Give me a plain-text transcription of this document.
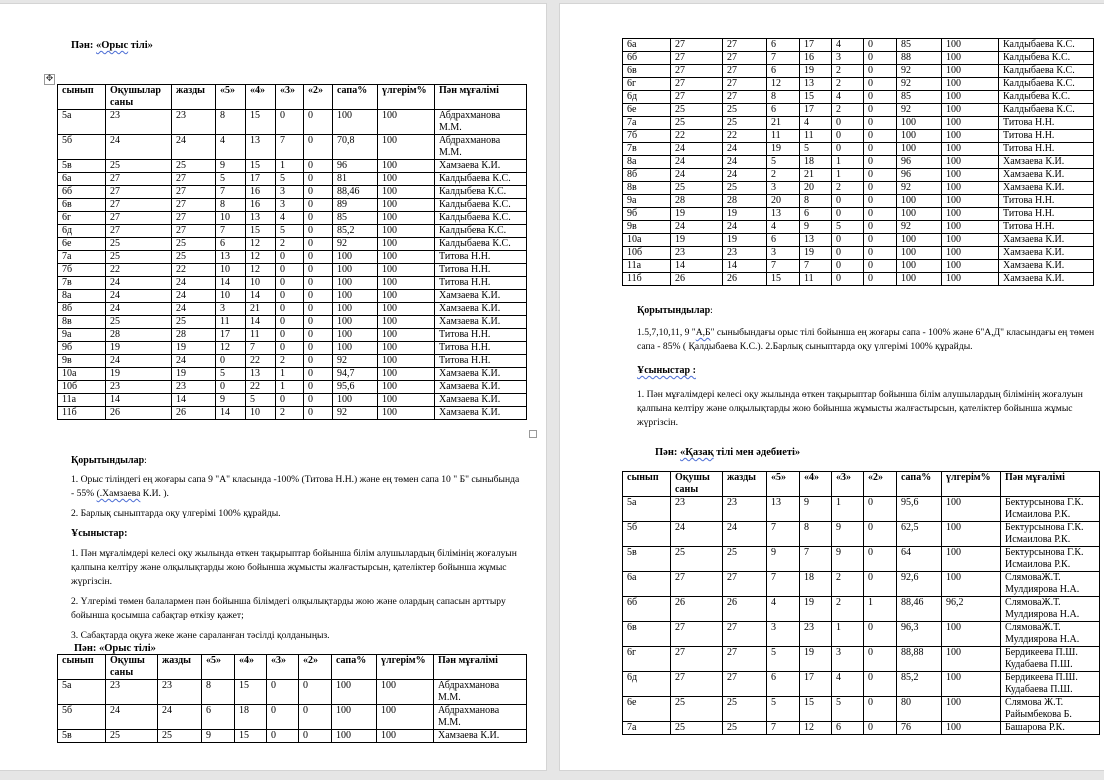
Пән: «Орыс тілі»
✥
сынып	Оқушылар саны	жазды	«5»	«4»	«3»	«2»	сапа%	үлгерім%	Пән мұғалімі
5а	23	23	8	15	0	0	100	100	Абдрахманова М.М.
5б	24	24	4	13	7	0	70,8	100	Абдрахманова М.М.
5в	25	25	9	15	1	0	96	100	Хамзаева К.И.
6а	27	27	5	17	5	0	81	100	Калдыбаева К.С.
6б	27	27	7	16	3	0	88,46	100	Калдыбева К.С.
6в	27	27	8	16	3	0	89	100	Калдыбаева К.С.
6г	27	27	10	13	4	0	85	100	Калдыбаева К.С.
6д	27	27	7	15	5	0	85,2	100	Калдыбева К.С.
6е	25	25	6	12	2	0	92	100	Калдыбаева К.С.
7а	25	25	13	12	0	0	100	100	Титова Н.Н.
7б	22	22	10	12	0	0	100	100	Титова Н.Н.
7в	24	24	14	10	0	0	100	100	Титова Н.Н.
8а	24	24	10	14	0	0	100	100	Хамзаева К.И.
8б	24	24	3	21	0	0	100	100	Хамзаева К.И.
8в	25	25	11	14	0	0	100	100	Хамзаева К.И.
9а	28	28	17	11	0	0	100	100	Титова Н.Н.
9б	19	19	12	7	0	0	100	100	Титова Н.Н.
9в	24	24	0	22	2	0	92	100	Титова Н.Н.
10а	19	19	5	13	1	0	94,7	100	Хамзаева К.И.
10б	23	23	0	22	1	0	95,6	100	Хамзаева К.И.
11а	14	14	9	5	0	0	100	100	Хамзаева К.И.
11б	26	26	14	10	2	0	92	100	Хамзаева К.И.
Қорытындылар:
1. Орыс тіліндегі ең жоғары сапа 9 "А" класында -100% (Титова Н.Н.) және ең төмен сапа 10 " Б" сыныбында - 55% (.Хамзаева К.И. ).
2. Барлық сыныптарда оқу үлгерімі 100% құрайды.
Ұсыныстар:
1. Пән мұғалімдері келесі оқу жылында өткен тақырыптар бойынша білім алушылардың білімінің жоғалуын қалпына келтіру және олқылықтарды жою бойынша жұмысты жалғастырсын, қателіктер бойынша жұмыс жүргізсін.
2. Үлгерімі төмен балалармен пән бойынша білімдегі олқылықтарды жою және олардың сапасын арттыру бойынша қосымша сабақтар өткізу қажет;
3. Сабақтарда оқуға жеке және сараланған тәсілді қолданыңыз.
Пән: «Орыс тілі»
сынып	Оқушы саны	жазды	«5»	«4»	«3»	«2»	сапа%	үлгерім%	Пән мұғалімі
5а	23	23	8	15	0	0	100	100	Абдрахманова М.М.
5б	24	24	6	18	0	0	100	100	Абдрахманова М.М.
5в	25	25	9	15	0	0	100	100	Хамзаева К.И.
6а	27	27	6	17	4	0	85	100	Калдыбаева К.С.
6б	27	27	7	16	3	0	88	100	Калдыбева К.С.
6в	27	27	6	19	2	0	92	100	Калдыбаева К.С.
6г	27	27	12	13	2	0	92	100	Калдыбаева К.С.
6д	27	27	8	15	4	0	85	100	Калдыбева К.С.
6е	25	25	6	17	2	0	92	100	Калдыбаева К.С.
7а	25	25	21	4	0	0	100	100	Титова Н.Н.
7б	22	22	11	11	0	0	100	100	Титова Н.Н.
7в	24	24	19	5	0	0	100	100	Титова Н.Н.
8а	24	24	5	18	1	0	96	100	Хамзаева К.И.
8б	24	24	2	21	1	0	96	100	Хамзаева К.И.
8в	25	25	3	20	2	0	92	100	Хамзаева К.И.
9а	28	28	20	8	0	0	100	100	Титова Н.Н.
9б	19	19	13	6	0	0	100	100	Титова Н.Н.
9в	24	24	4	9	5	0	92	100	Титова Н.Н.
10а	19	19	6	13	0	0	100	100	Хамзаева К.И.
10б	23	23	3	19	0	0	100	100	Хамзаева К.И.
11а	14	14	7	7	0	0	100	100	Хамзаева К.И.
11б	26	26	15	11	0	0	100	100	Хамзаева К.И.
Қорытындылар:
1.5,7,10,11, 9 "А,Б" сыныбындағы орыс тілі бойынша ең жоғары сапа - 100% және 6"А,Д" класындағы ең төмен сапа - 85% ( Қалдыбаева К.С.). 2.Барлық сыныптарда оқу үлгерімі 100% құрайды.
Ұсыныстар :
1. Пән мұғалімдері келесі оқу жылында өткен тақырыптар бойынша білім алушылардың білімінің жоғалуын қалпына келтіру және олқылықтарды жою бойынша жұмысты жалғастырсын, қателіктер бойынша жұмыс жүргізсін.
Пән: «Қазақ тілі мен әдебиеті»
сынып	Оқушы саны	жазды	«5»	«4»	«3»	«2»	сапа%	үлгерім%	Пән мұғалімі
5а	23	23	13	9	1	0	95,6	100	Бектурсынова Г.К. Исмаилова Р.К.
5б	24	24	7	8	9	0	62,5	100	Бектурсынова Г.К. Исмаилова Р.К.
5в	25	25	9	7	9	0	64	100	Бектурсынова Г.К. Исмаилова Р.К.
6а	27	27	7	18	2	0	92,6	100	СлямоваЖ.Т. Мулдиярова Н.А.
6б	26	26	4	19	2	1	88,46	96,2	СлямоваЖ.Т. Мулдиярова Н.А.
6в	27	27	3	23	1	0	96,3	100	СлямоваЖ.Т. Мулдиярова Н.А.
6г	27	27	5	19	3	0	88,88	100	Бердикеева П.Ш. Кудабаева П.Ш.
6д	27	27	6	17	4	0	85,2	100	Бердикеева П.Ш. Кудабаева П.Ш.
6е	25	25	5	15	5	0	80	100	Слямова Ж.Т. Райымбекова Б.
7а	25	25	7	12	6	0	76	100	Башарова Р.К.
